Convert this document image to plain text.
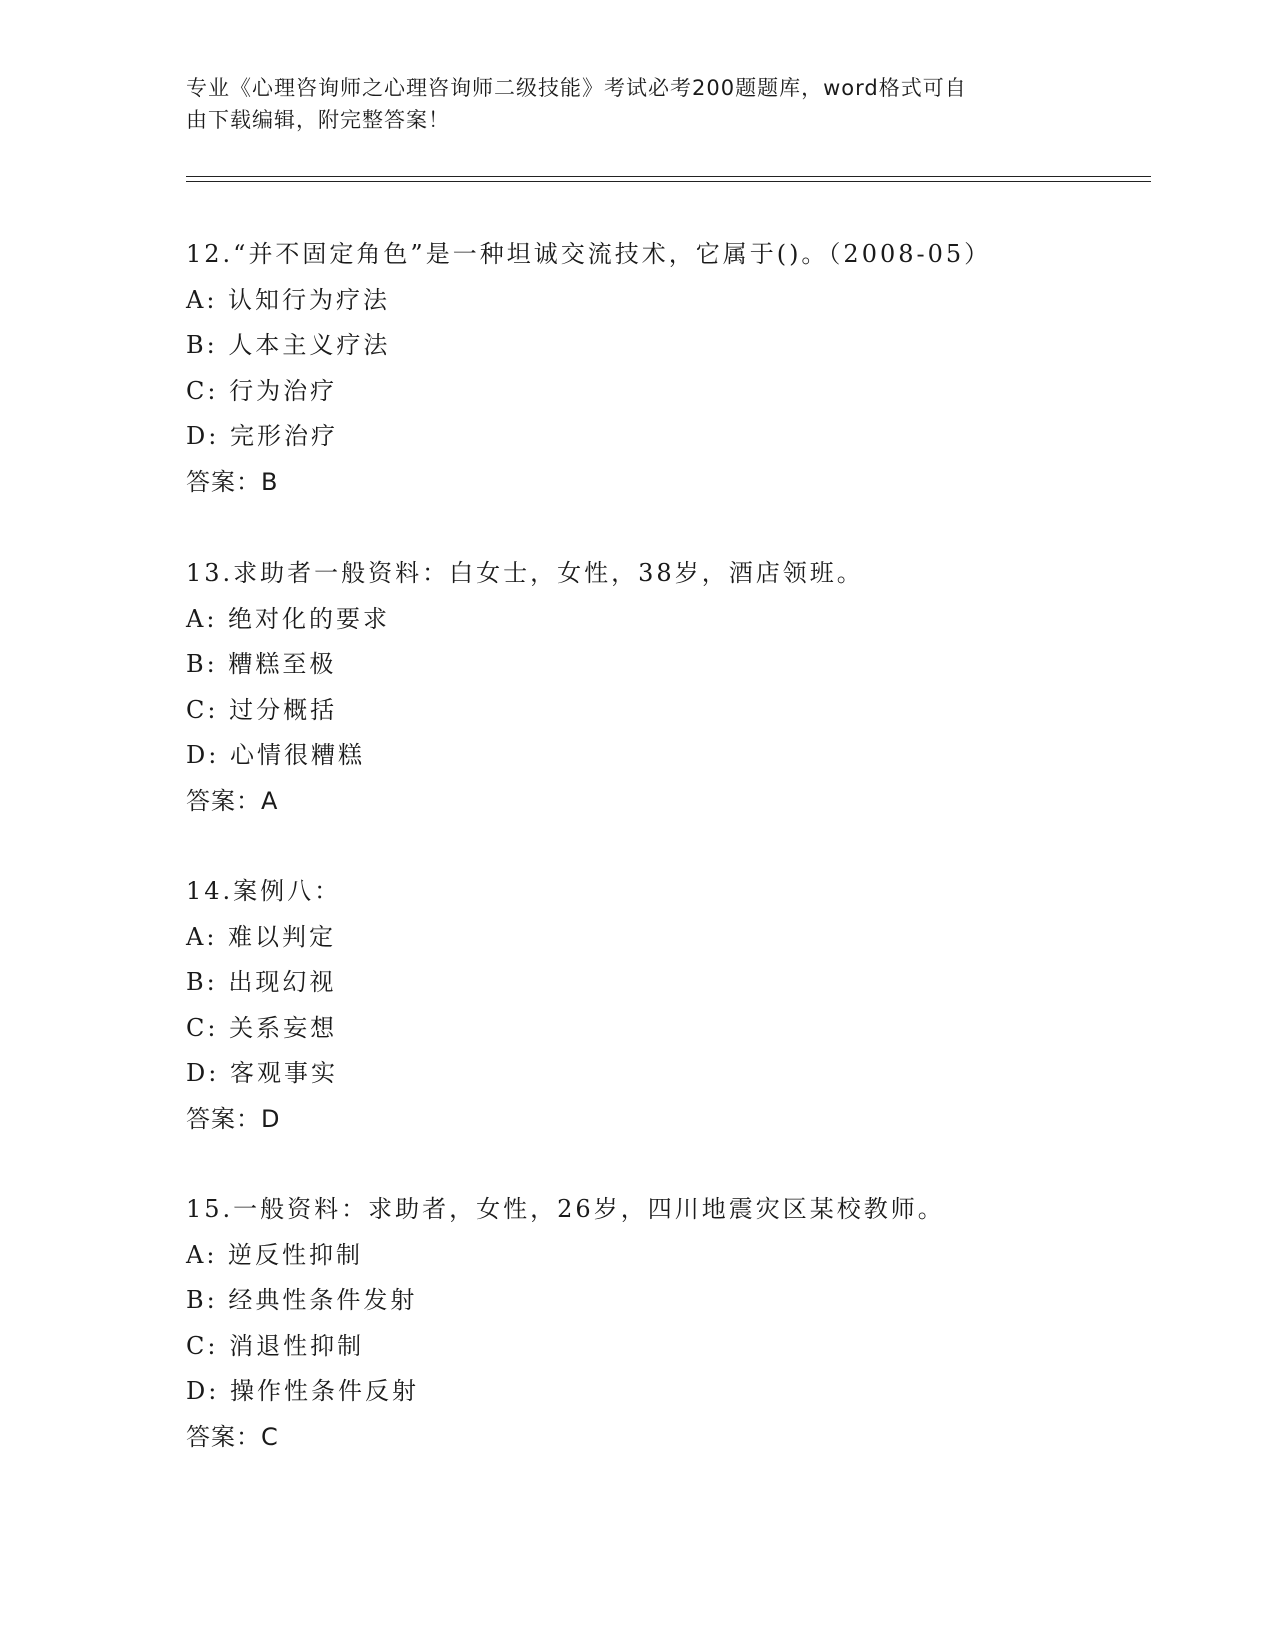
专业《心理咨询师之心理咨询师二级技能》考试必考200题题库，word格式可自
由下载编辑，附完整答案！
12.“并不固定角色”是一种坦诚交流技术，它属于()。（2008-05）
A: 认知行为疗法
B: 人本主义疗法
C: 行为治疗
D: 完形治疗
答案：B
13.求助者一般资料：白女士，女性，38岁，酒店领班。
A: 绝对化的要求
B: 糟糕至极
C: 过分概括
D: 心情很糟糕
答案：A
14.案例八：
A: 难以判定
B: 出现幻视
C: 关系妄想
D: 客观事实
答案：D
15.一般资料：求助者，女性，26岁，四川地震灾区某校教师。
A: 逆反性抑制
B: 经典性条件发射
C: 消退性抑制
D: 操作性条件反射
答案：C
